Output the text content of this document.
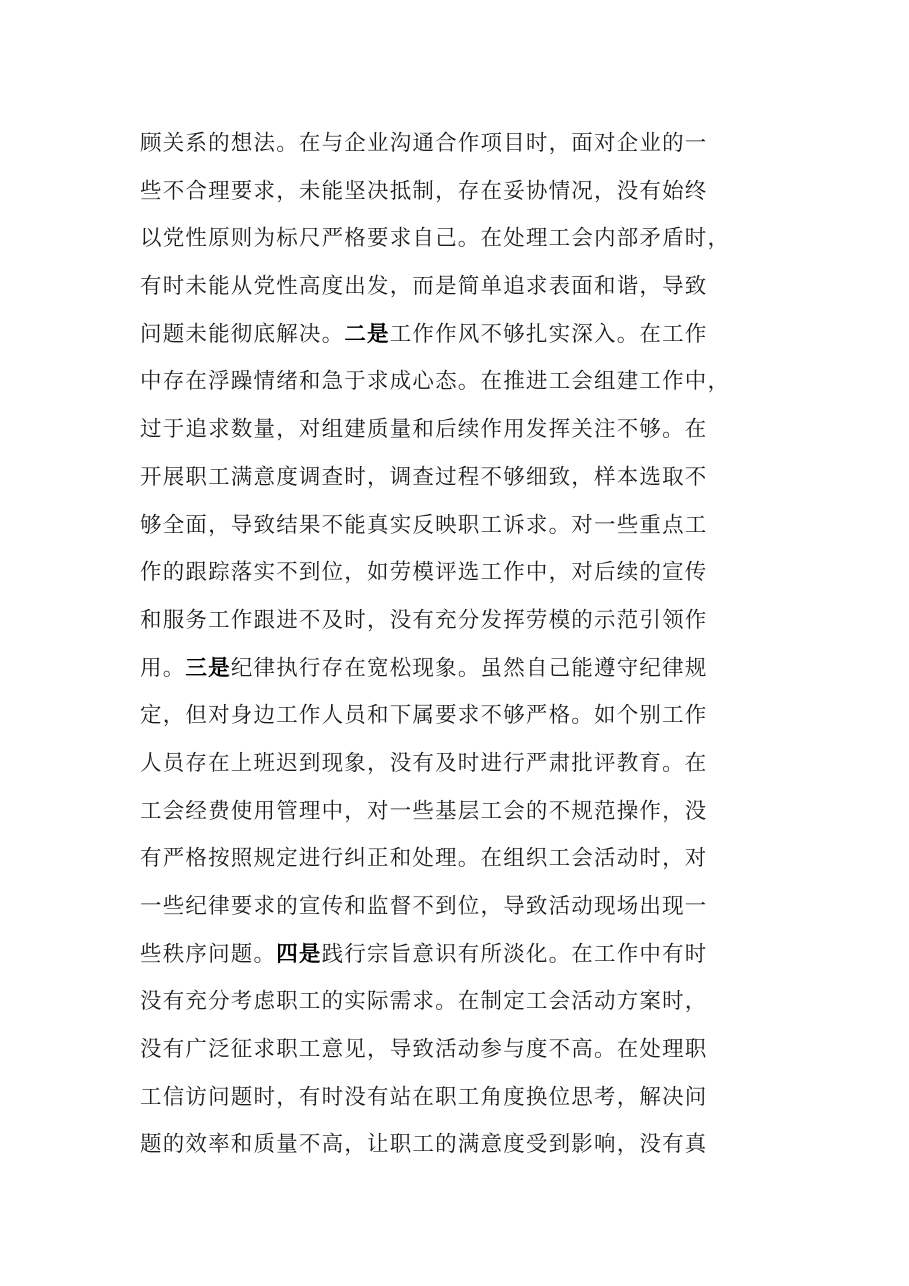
顾关系的想法。在与企业沟通合作项目时，面对企业的一
些不合理要求，未能坚决抵制，存在妥协情况，没有始终
以党性原则为标尺严格要求自己。在处理工会内部矛盾时，
有时未能从党性高度出发，而是简单追求表面和谐，导致
问题未能彻底解决。二是工作作风不够扎实深入。在工作
中存在浮躁情绪和急于求成心态。在推进工会组建工作中，
过于追求数量，对组建质量和后续作用发挥关注不够。在
开展职工满意度调查时，调查过程不够细致，样本选取不
够全面，导致结果不能真实反映职工诉求。对一些重点工
作的跟踪落实不到位，如劳模评选工作中，对后续的宣传
和服务工作跟进不及时，没有充分发挥劳模的示范引领作
用。三是纪律执行存在宽松现象。虽然自己能遵守纪律规
定，但对身边工作人员和下属要求不够严格。如个别工作
人员存在上班迟到现象，没有及时进行严肃批评教育。在
工会经费使用管理中，对一些基层工会的不规范操作，没
有严格按照规定进行纠正和处理。在组织工会活动时，对
一些纪律要求的宣传和监督不到位，导致活动现场出现一
些秩序问题。四是践行宗旨意识有所淡化。在工作中有时
没有充分考虑职工的实际需求。在制定工会活动方案时，
没有广泛征求职工意见，导致活动参与度不高。在处理职
工信访问题时，有时没有站在职工角度换位思考，解决问
题的效率和质量不高，让职工的满意度受到影响，没有真
